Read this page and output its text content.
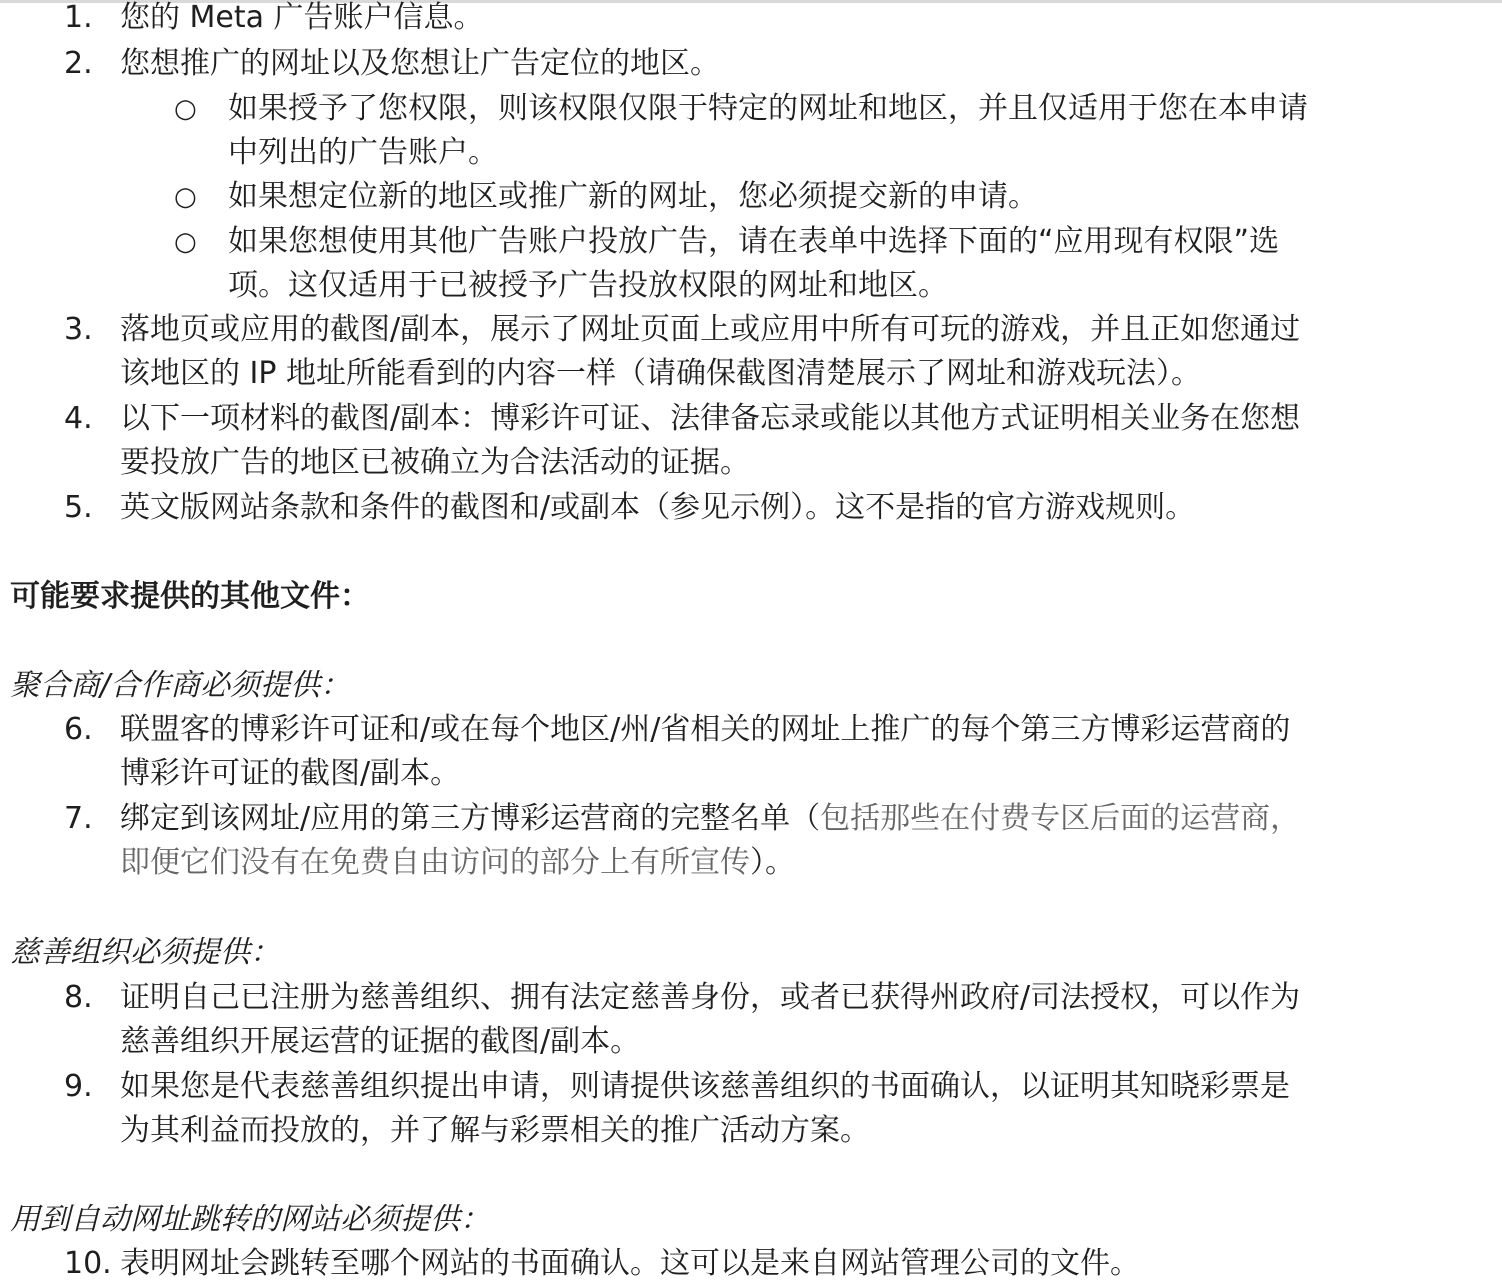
1. 您的 Meta 广告账户信息。
2. 您想推广的网址以及您想让广告定位的地区。
○ 如果授予了您权限，则该权限仅限于特定的网址和地区，并且仅适用于您在本申请
中列出的广告账户。
○ 如果想定位新的地区或推广新的网址，您必须提交新的申请。
○ 如果您想使用其他广告账户投放广告，请在表单中选择下面的“应用现有权限”选
项。这仅适用于已被授予广告投放权限的网址和地区。
3. 落地页或应用的截图/副本，展示了网址页面上或应用中所有可玩的游戏，并且正如您通过
该地区的 IP 地址所能看到的内容一样（请确保截图清楚展示了网址和游戏玩法）。
4. 以下一项材料的截图/副本：博彩许可证、法律备忘录或能以其他方式证明相关业务在您想
要投放广告的地区已被确立为合法活动的证据。
5. 英文版网站条款和条件的截图和/或副本（参见示例）。这不是指的官方游戏规则。
可能要求提供的其他文件：
聚合商/合作商必须提供：
6. 联盟客的博彩许可证和/或在每个地区/州/省相关的网址上推广的每个第三方博彩运营商的
博彩许可证的截图/副本。
7. 绑定到该网址/应用的第三方博彩运营商的完整名单（包括那些在付费专区后面的运营商，
即便它们没有在免费自由访问的部分上有所宣传）。
慈善组织必须提供：
8. 证明自己已注册为慈善组织、拥有法定慈善身份，或者已获得州政府/司法授权，可以作为
慈善组织开展运营的证据的截图/副本。
9. 如果您是代表慈善组织提出申请，则请提供该慈善组织的书面确认，以证明其知晓彩票是
为其利益而投放的，并了解与彩票相关的推广活动方案。
用到自动网址跳转的网站必须提供：
10. 表明网址会跳转至哪个网站的书面确认。这可以是来自网站管理公司的文件。
